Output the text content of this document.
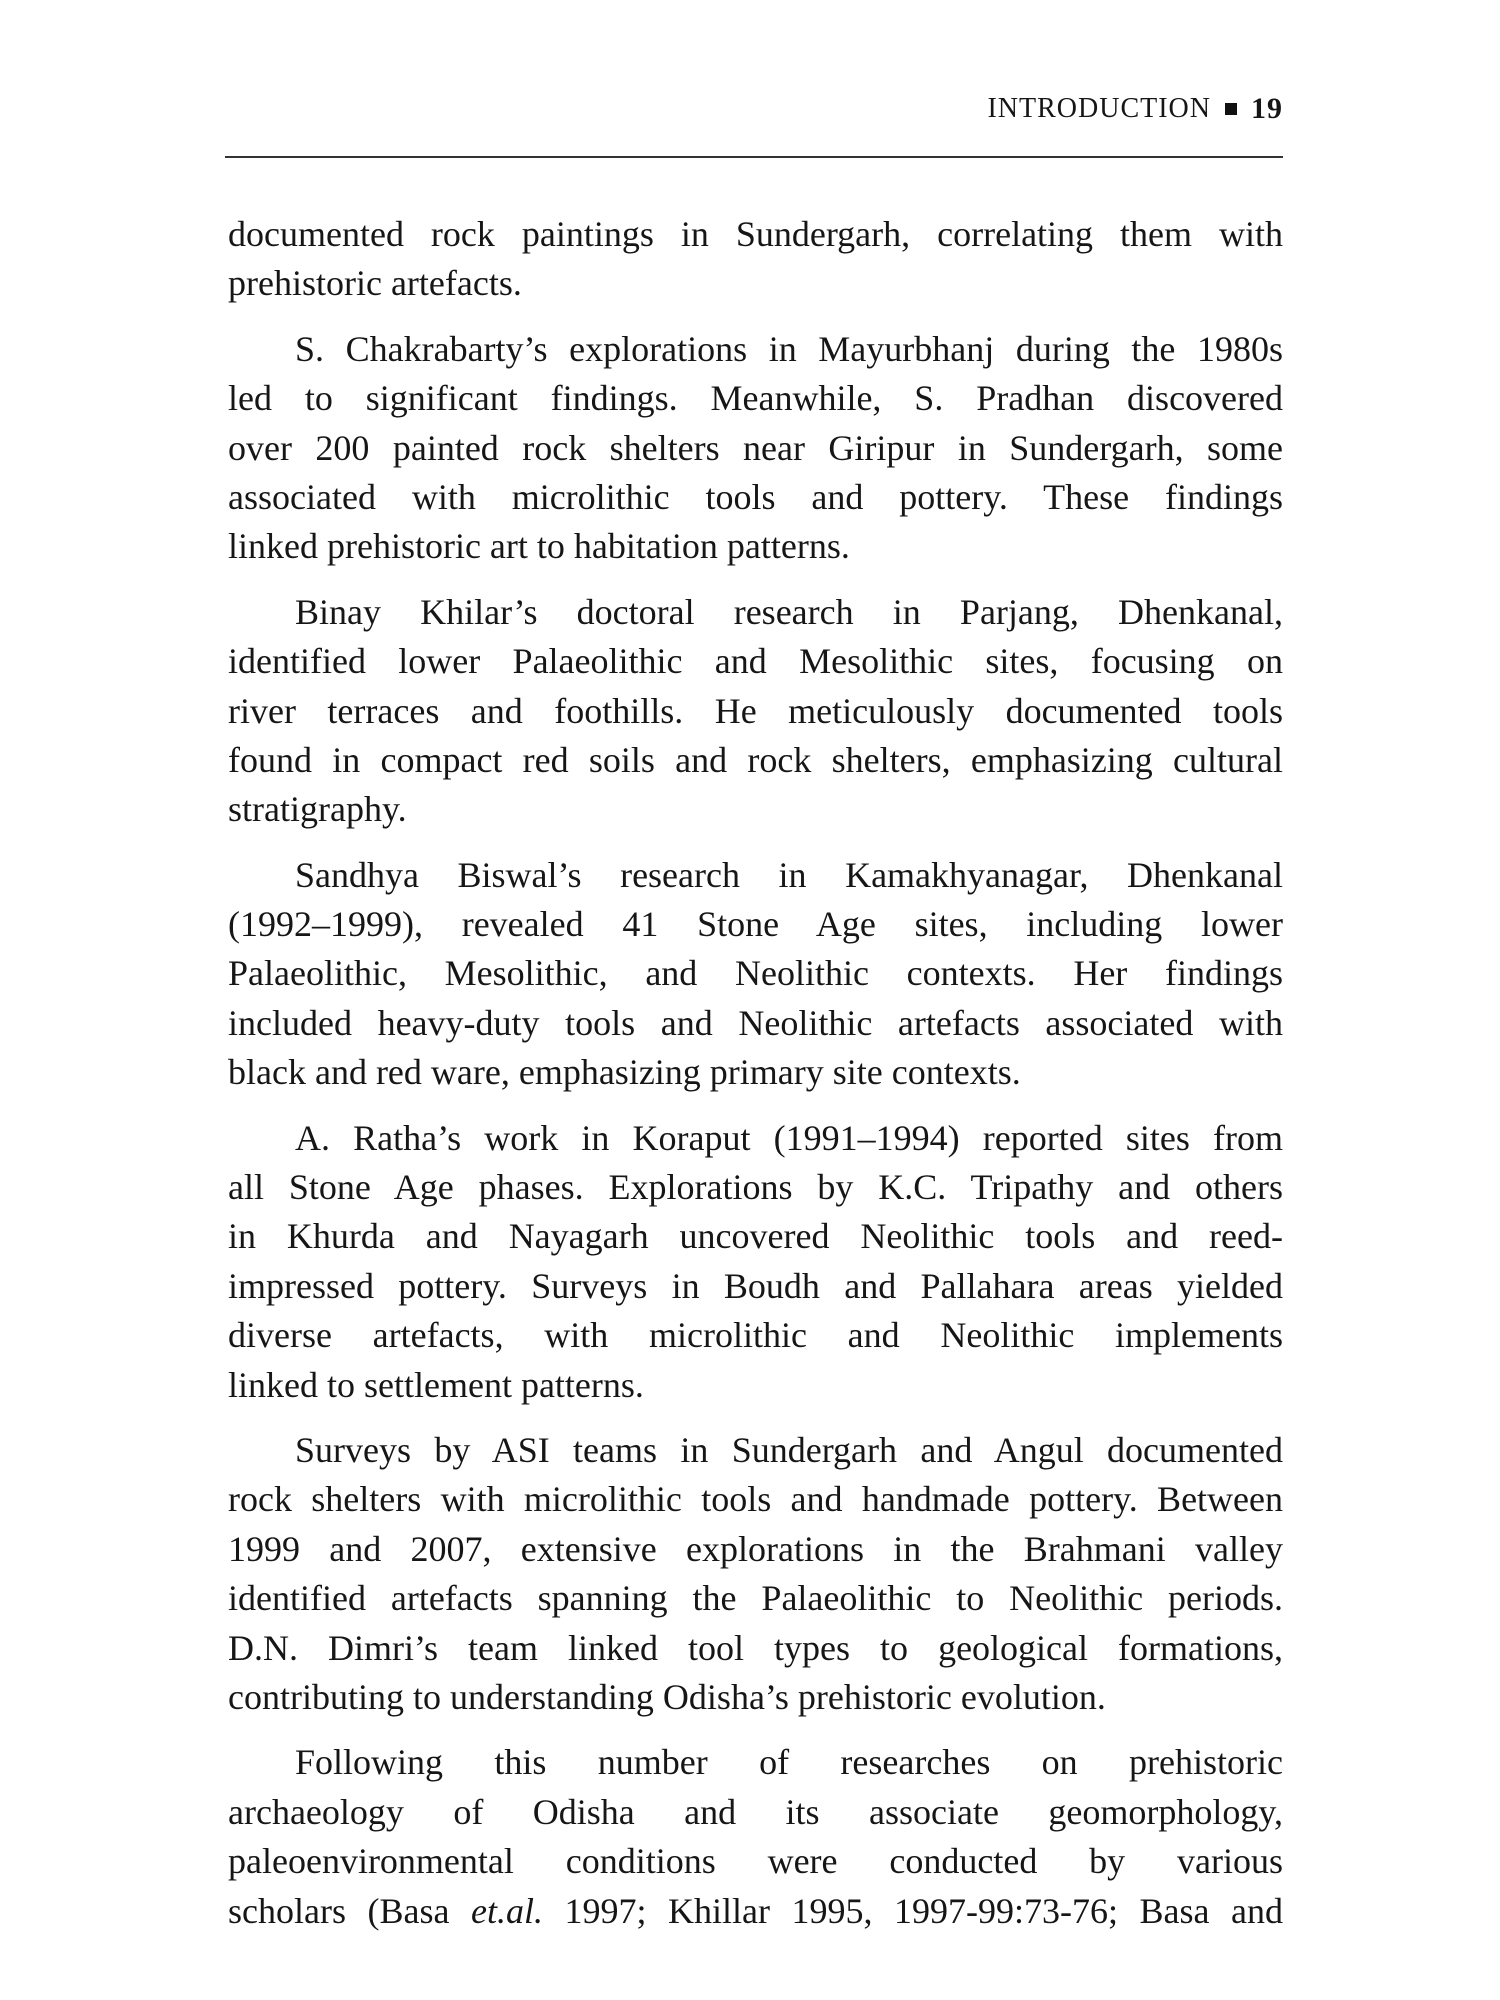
INTRODUCTION 19
documented rock paintings in Sundergarh, correlating them with
prehistoric artefacts.
S. Chakrabarty’s explorations in Mayurbhanj during the 1980s
led to significant findings. Meanwhile, S. Pradhan discovered
over 200 painted rock shelters near Giripur in Sundergarh, some
associated with microlithic tools and pottery. These findings
linked prehistoric art to habitation patterns.
Binay Khilar’s doctoral research in Parjang, Dhenkanal,
identified lower Palaeolithic and Mesolithic sites, focusing on
river terraces and foothills. He meticulously documented tools
found in compact red soils and rock shelters, emphasizing cultural
stratigraphy.
Sandhya Biswal’s research in Kamakhyanagar, Dhenkanal
(1992–1999), revealed 41 Stone Age sites, including lower
Palaeolithic, Mesolithic, and Neolithic contexts. Her findings
included heavy-duty tools and Neolithic artefacts associated with
black and red ware, emphasizing primary site contexts.
A. Ratha’s work in Koraput (1991–1994) reported sites from
all Stone Age phases. Explorations by K.C. Tripathy and others
in Khurda and Nayagarh uncovered Neolithic tools and reed-
impressed pottery. Surveys in Boudh and Pallahara areas yielded
diverse artefacts, with microlithic and Neolithic implements
linked to settlement patterns.
Surveys by ASI teams in Sundergarh and Angul documented
rock shelters with microlithic tools and handmade pottery. Between
1999 and 2007, extensive explorations in the Brahmani valley
identified artefacts spanning the Palaeolithic to Neolithic periods.
D.N. Dimri’s team linked tool types to geological formations,
contributing to understanding Odisha’s prehistoric evolution.
Following this number of researches on prehistoric
archaeology of Odisha and its associate geomorphology,
paleoenvironmental conditions were conducted by various
scholars (Basa et.al. 1997; Khillar 1995, 1997-99:73-76; Basa and
